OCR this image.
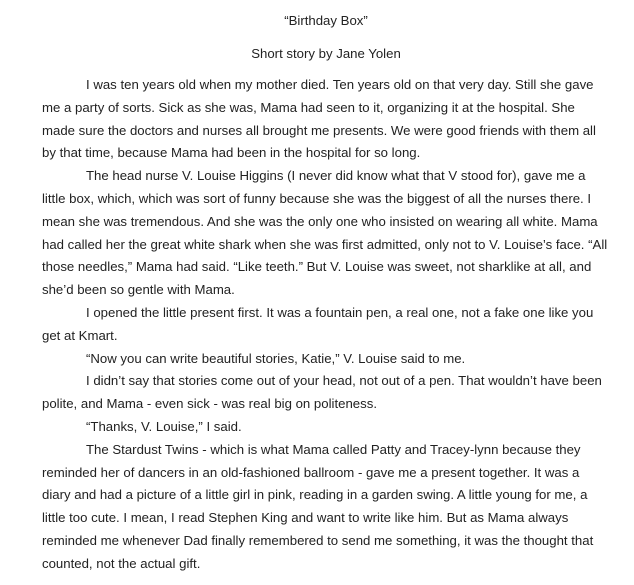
“Birthday Box”
Short story by Jane Yolen

I was ten years old when my mother died. Ten years old on that very day. Still she gave me a party of sorts. Sick as she was, Mama had seen to it, organizing it at the hospital. She made sure the doctors and nurses all brought me presents. We were good friends with them all by that time, because Mama had been in the hospital for so long.

The head nurse V. Louise Higgins (I never did know what that V stood for), gave me a little box, which, which was sort of funny because she was the biggest of all the nurses there. I mean she was tremendous. And she was the only one who insisted on wearing all white. Mama had called her the great white shark when she was first admitted, only not to V. Louise’s face. “All those needles,” Mama had said. “Like teeth.” But V. Louise was sweet, not sharklike at all, and she’d been so gentle with Mama.

I opened the little present first. It was a fountain pen, a real one, not a fake one like you get at Kmart.

“Now you can write beautiful stories, Katie,” V. Louise said to me.

I didn’t say that stories come out of your head, not out of a pen. That wouldn’t have been polite, and Mama - even sick - was real big on politeness.

“Thanks, V. Louise,” I said.

The Stardust Twins - which is what Mama called Patty and Tracey-lynn because they reminded her of dancers in an old-fashioned ballroom - gave me a present together. It was a diary and had a picture of a little girl in pink, reading in a garden swing. A little young for me, a little too cute. I mean, I read Stephen King and want to write like him. But as Mama always reminded me whenever Dad finally remembered to send me something, it was the thought that counted, not the actual gift.
